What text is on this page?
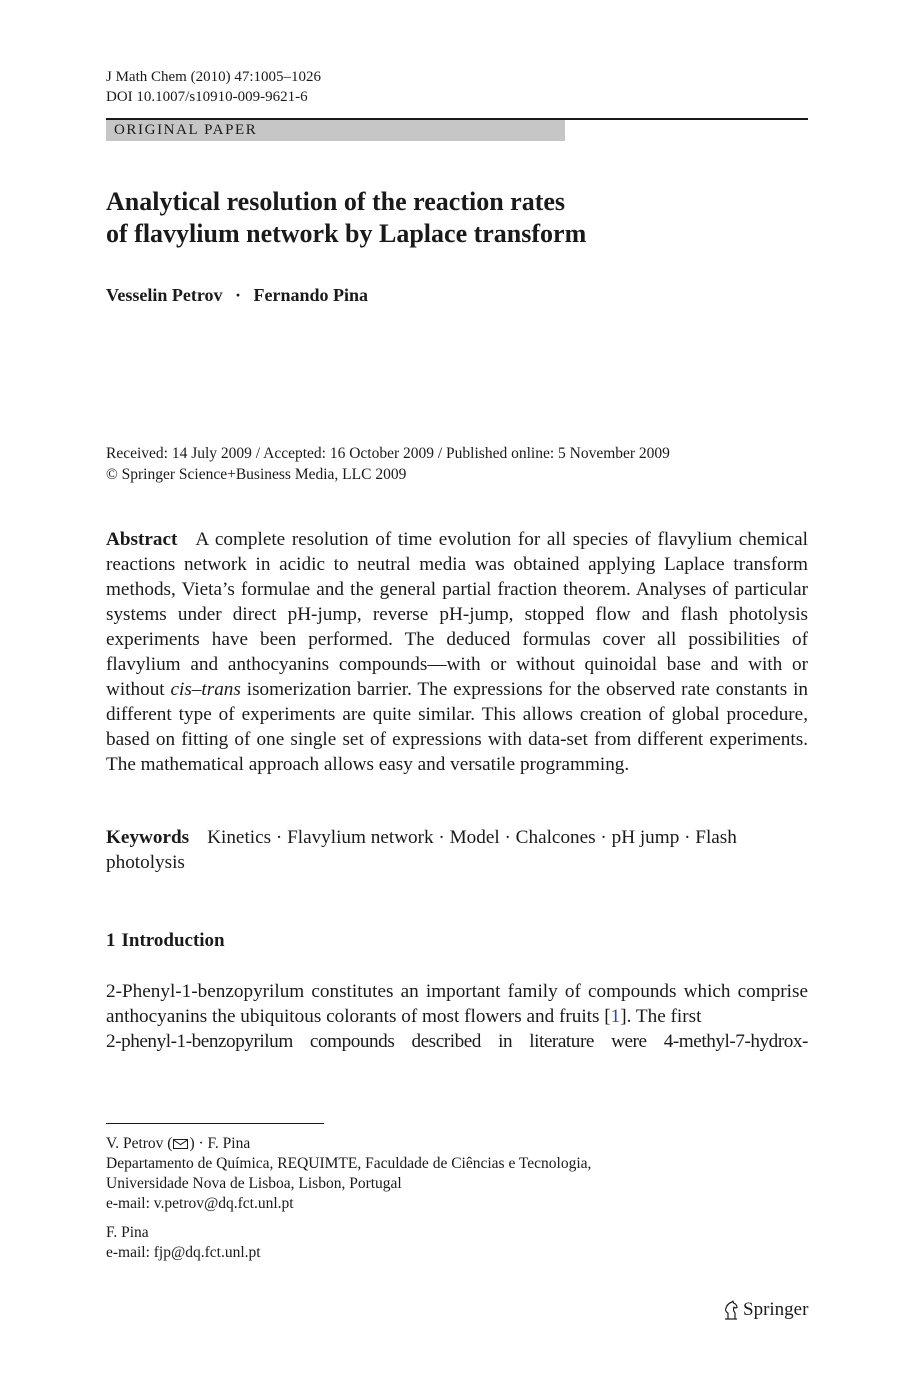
J Math Chem (2010) 47:1005–1026
DOI 10.1007/s10910-009-9621-6
ORIGINAL PAPER
Analytical resolution of the reaction rates
of flavylium network by Laplace transform
Vesselin Petrov · Fernando Pina
Received: 14 July 2009 / Accepted: 16 October 2009 / Published online: 5 November 2009
© Springer Science+Business Media, LLC 2009

Abstract A complete resolution of time evolution for all species of flavylium chemical reactions network in acidic to neutral media was obtained applying Laplace transform methods, Vieta’s formulae and the general partial fraction theorem. Analyses of particular systems under direct pH-jump, reverse pH-jump, stopped flow and flash photolysis experiments have been performed. The deduced formulas cover all possibilities of flavylium and anthocyanins compounds—with or without quinoidal base and with or without cis–trans isomerization barrier. The expressions for the observed rate constants in different type of experiments are quite similar. This allows creation of global procedure, based on fitting of one single set of expressions with data-set from different experiments. The mathematical approach allows easy and versatile programming.

Keywords Kinetics · Flavylium network · Model · Chalcones · pH jump · Flash photolysis
1 Introduction

2-Phenyl-1-benzopyrilum constitutes an important family of compounds which comprise anthocyanins the ubiquitous colorants of most flowers and fruits [1]. The first
2-phenyl-1-benzopyrilum compounds described in literature were 4-methyl-7-hydrox-

V. Petrov ( ) · F. Pina
Departamento de Química, REQUIMTE, Faculdade de Ciências e Tecnologia,
Universidade Nova de Lisboa, Lisbon, Portugal
e-mail: v.petrov@dq.fct.unl.pt
F. Pina
e-mail: fjp@dq.fct.unl.pt
Springer
